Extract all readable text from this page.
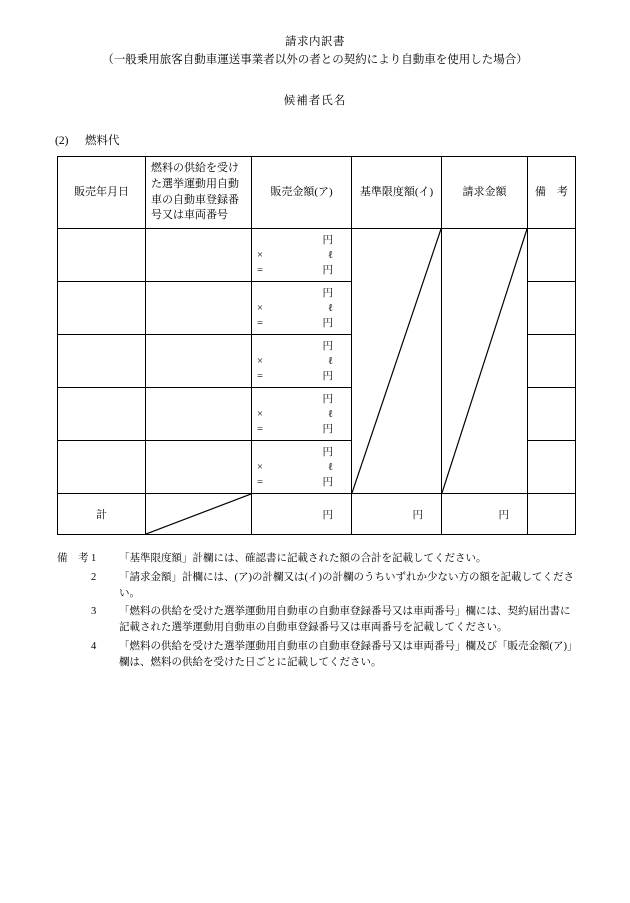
請求内訳書
（一般乗用旅客自動車運送事業者以外の者との契約により自動車を使用した場合）
候補者氏名
(2) 燃料代
販売年月日	燃料の供給を受けた選挙運動用自動車の自動車登録番号又は車両番号	販売金額(ア)	基準限度額(イ)	請求金額	備　考

		円
× ℓ
= 円

		円
× ℓ
= 円			

		円
× ℓ
= 円			

		円
× ℓ
= 円			

		円
× ℓ
= 円			

計		円	円	円	
備　考	1	「基準限度額」計欄には、確認書に記載された額の合計を記載してください。
	2	「請求金額」計欄には、(ア)の計欄又は(イ)の計欄のうちいずれか少ない方の額を記載してください。
	3	「燃料の供給を受けた選挙運動用自動車の自動車登録番号又は車両番号」欄には、契約届出書に記載された選挙運動用自動車の自動車登録番号又は車両番号を記載してください。
	4	「燃料の供給を受けた選挙運動用自動車の自動車登録番号又は車両番号」欄及び「販売金額(ア)」欄は、燃料の供給を受けた日ごとに記載してください。
